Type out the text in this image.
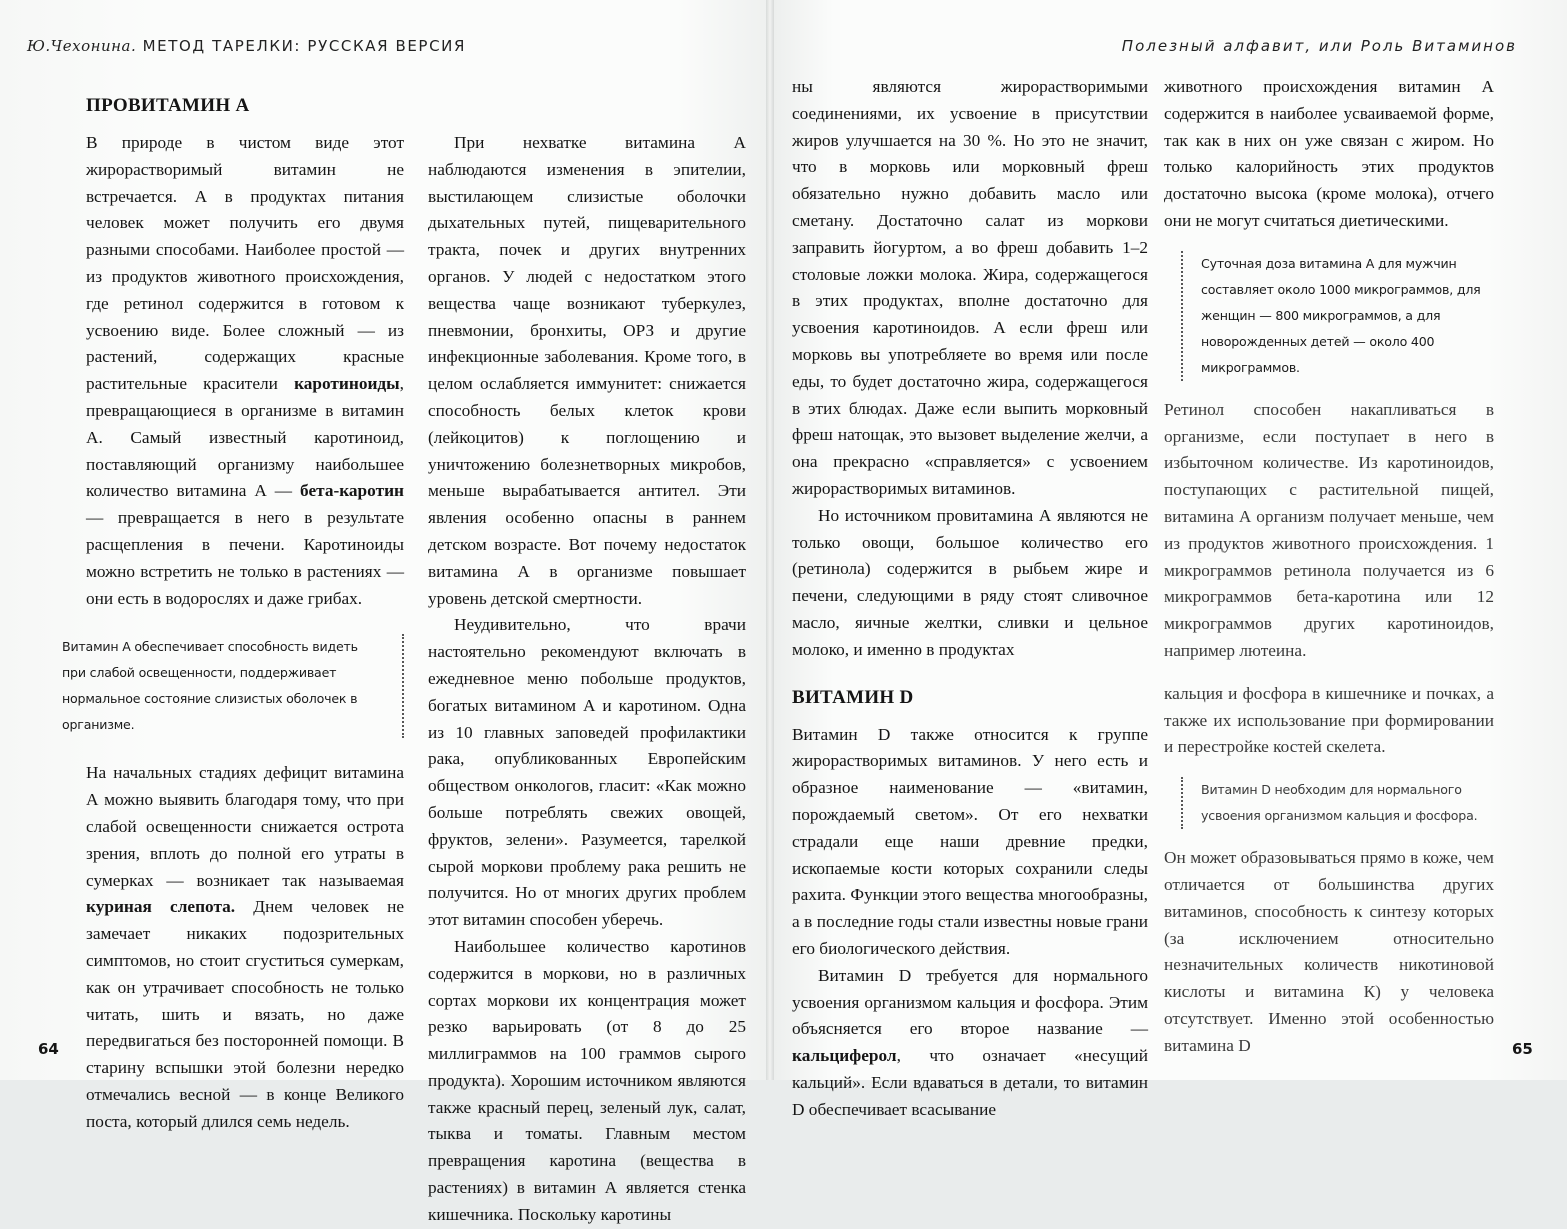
Ю.Чехонина. МЕТОД ТАРЕЛКИ: РУССКАЯ ВЕРСИЯ
ПРОВИТАМИН А

В природе в чистом виде этот жирорастворимый витамин не встречается. А в продуктах питания человек может получить его двумя разными способами. Наиболее простой — из продуктов животного происхождения, где ретинол содержится в готовом к усвоению виде. Более сложный — из растений, содержащих красные растительные красители каротиноиды, превращающиеся в организме в витамин А. Самый известный каротиноид, поставляющий организму наибольшее количество витамина А — бета-каротин — превращается в него в результате расщепления в печени. Каротиноиды можно встретить не только в растениях — они есть в водорослях и даже грибах.

Витамин А обеспечивает способность видеть при слабой освещенности, поддерживает нормальное состояние слизистых оболочек в организме.

На начальных стадиях дефицит витамина А можно выявить благодаря тому, что при слабой освещенности снижается острота зрения, вплоть до полной его утраты в сумерках — возникает так называемая куриная слепота. Днем человек не замечает никаких подозрительных симптомов, но стоит сгуститься сумеркам, как он утрачивает способность не только читать, шить и вязать, но даже передвигаться без посторонней помощи. В старину вспышки этой болезни нередко отмечались весной — в конце Великого поста, который длился семь недель.

64

При нехватке витамина А наблюдаются изменения в эпителии, выстилающем слизистые оболочки дыхательных путей, пищеварительного тракта, почек и других внутренних органов. У людей с недостатком этого вещества чаще возникают туберкулез, пневмонии, бронхиты, ОРЗ и другие инфекционные заболевания. Кроме того, в целом ослабляется иммунитет: снижается способность белых клеток крови (лейкоцитов) к поглощению и уничтожению болезнетворных микробов, меньше вырабатывается антител. Эти явления особенно опасны в раннем детском возрасте. Вот почему недостаток витамина А в организме повышает уровень детской смертности.

Неудивительно, что врачи настоятельно рекомендуют включать в ежедневное меню побольше продуктов, богатых витамином А и каротином. Одна из 10 главных заповедей профилактики рака, опубликованных Европейским обществом онкологов, гласит: «Как можно больше потреблять свежих овощей, фруктов, зелени». Разумеется, тарелкой сырой моркови проблему рака решить не получится. Но от многих других проблем этот витамин способен уберечь.

Наибольшее количество каротинов содержится в моркови, но в различных сортах моркови их концентрация может резко варьировать (от 8 до 25 миллиграммов на 100 граммов сырого продукта). Хорошим источником являются также красный перец, зеленый лук, салат, тыква и томаты. Главным местом превращения каротина (вещества в растениях) в витамин А является стенка кишечника. Поскольку каротины

Полезный алфавит, или Роль Витаминов

ны являются жирорастворимыми соединениями, их усвоение в присутствии жиров улучшается на 30 %. Но это не значит, что в морковь или морковный фреш обязательно нужно добавить масло или сметану. Достаточно салат из моркови заправить йогуртом, а во фреш добавить 1–2 столовые ложки молока. Жира, содержащегося в этих продуктах, вполне достаточно для усвоения каротиноидов. А если фреш или морковь вы употребляете во время или после еды, то будет достаточно жира, содержащегося в этих блюдах. Даже если выпить морковный фреш натощак, это вызовет выделение желчи, а она прекрасно «справляется» с усвоением жирорастворимых витаминов.

Но источником провитамина А являются не только овощи, большое количество его (ретинола) содержится в рыбьем жире и печени, следующими в ряду стоят сливочное масло, яичные желтки, сливки и цельное молоко, и именно в продуктах

ВИТАМИН D

Витамин D также относится к группе жирорастворимых витаминов. У него есть и образное наименование — «витамин, порождаемый светом». От его нехватки страдали еще наши древние предки, ископаемые кости которых сохранили следы рахита. Функции этого вещества многообразны, а в последние годы стали известны новые грани его биологического действия.

Витамин D требуется для нормального усвоения организмом кальция и фосфора. Этим объясняется его второе название — кальциферол, что означает «несущий кальций». Если вдаваться в детали, то витамин D обеспечивает всасывание

животного происхождения витамин А содержится в наиболее усваиваемой форме, так как в них он уже связан с жиром. Но только калорийность этих продуктов достаточно высока (кроме молока), отчего они не могут считаться диетическими.

Суточная доза витамина А для мужчин составляет около 1000 микрограммов, для женщин — 800 микрограммов, а для новорожденных детей — около 400 микрограммов.

Ретинол способен накапливаться в организме, если поступает в него в избыточном количестве. Из каротиноидов, поступающих с растительной пищей, витамина А организм получает меньше, чем из продуктов животного происхождения. 1 микрограммов ретинола получается из 6 микрограммов бета-каротина или 12 микрограммов других каротиноидов, например лютеина.

кальция и фосфора в кишечнике и почках, а также их использование при формировании и перестройке костей скелета.

Витамин D необходим для нормального усвоения организмом кальция и фосфора.

Он может образовываться прямо в коже, чем отличается от большинства других витаминов, способность к синтезу которых (за исключением относительно незначительных количеств никотиновой кислоты и витамина К) у человека отсутствует. Именно этой особенностью витамина D	65
